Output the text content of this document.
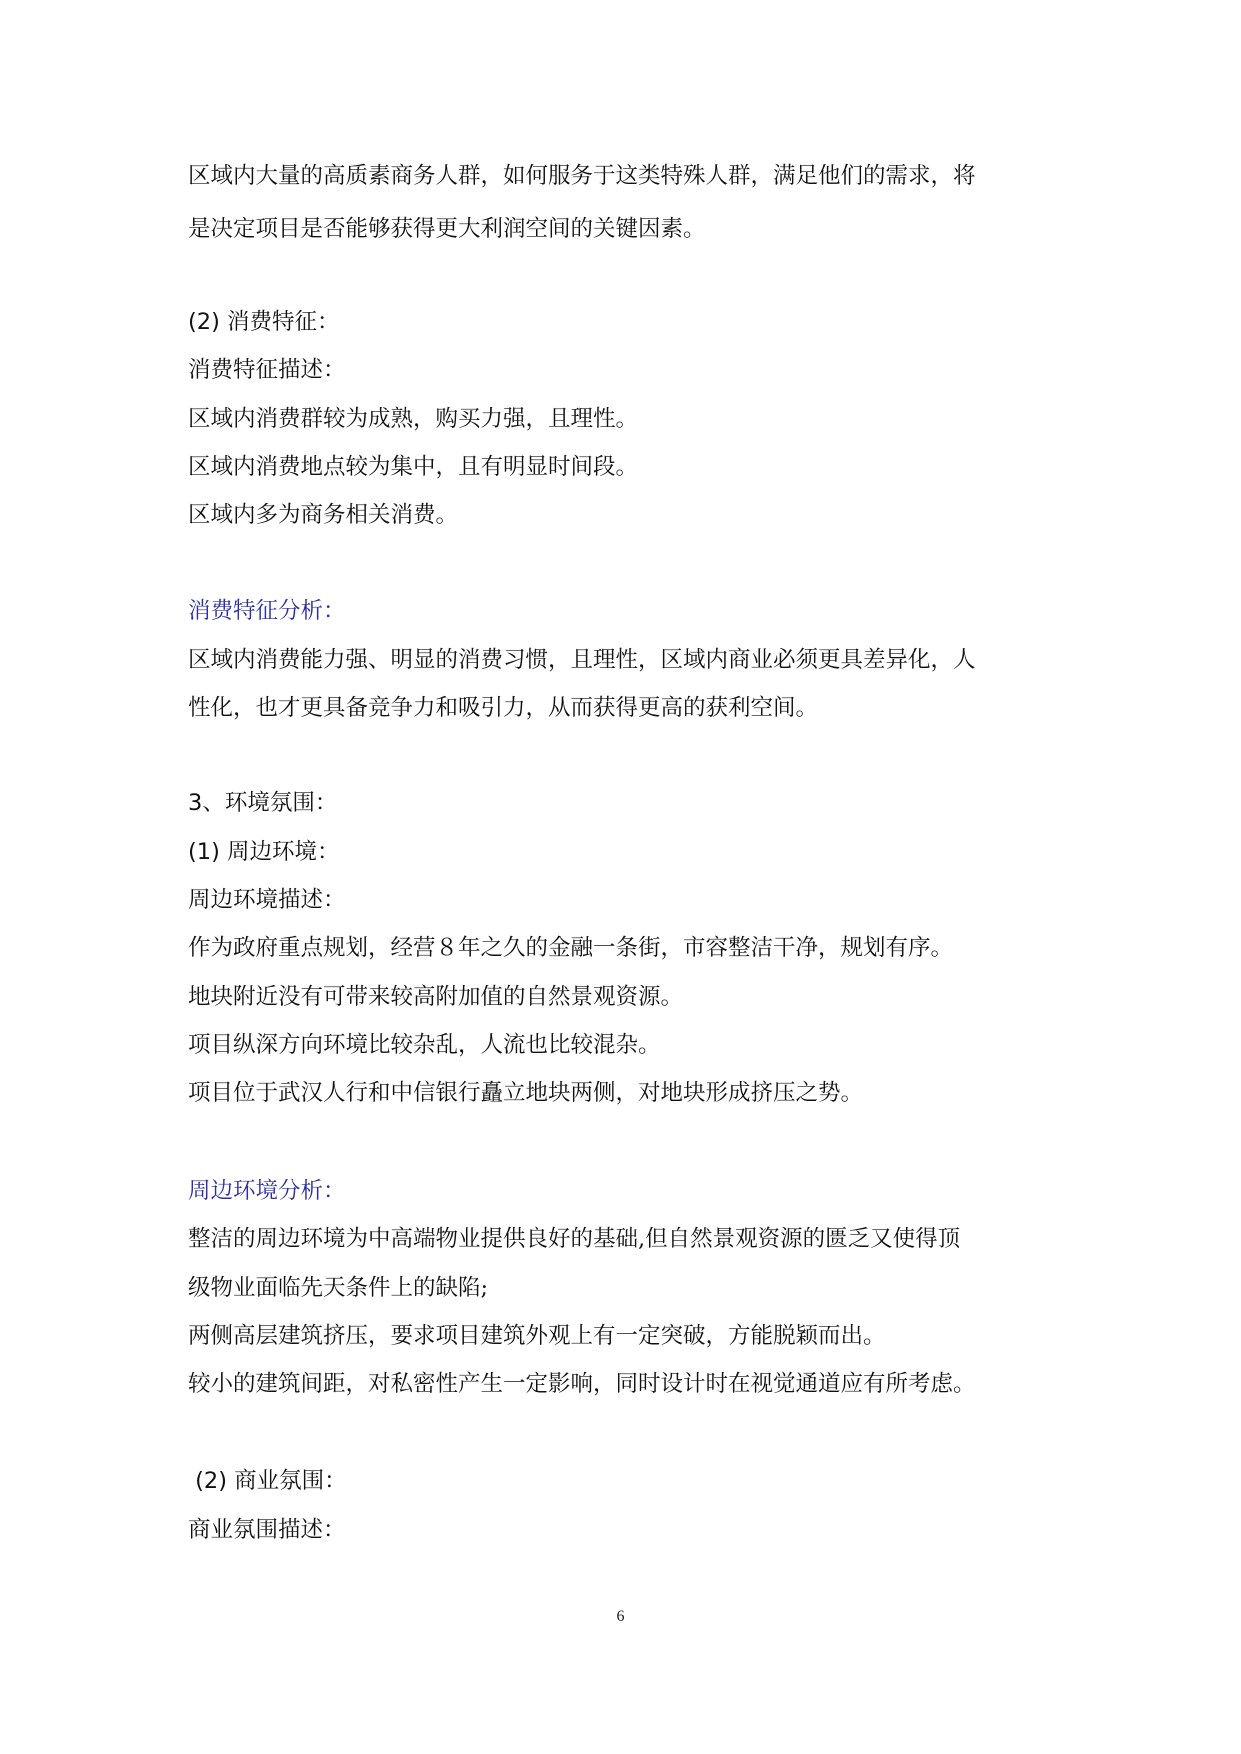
区域内大量的高质素商务人群，如何服务于这类特殊人群，满足他们的需求，将

是决定项目是否能够获得更大利润空间的关键因素。

(2) 消费特征：

消费特征描述：

区域内消费群较为成熟，购买力强，且理性。

区域内消费地点较为集中，且有明显时间段。

区域内多为商务相关消费。

消费特征分析：

区域内消费能力强、明显的消费习惯，且理性，区域内商业必须更具差异化，人

性化，也才更具备竞争力和吸引力，从而获得更高的获利空间。

3、环境氛围：

(1) 周边环境：

周边环境描述：

作为政府重点规划，经营８年之久的金融一条街，市容整洁干净，规划有序。

地块附近没有可带来较高附加值的自然景观资源。

项目纵深方向环境比较杂乱，人流也比较混杂。

项目位于武汉人行和中信银行矗立地块两侧，对地块形成挤压之势。

周边环境分析：

整洁的周边环境为中高端物业提供良好的基础,但自然景观资源的匮乏又使得顶

级物业面临先天条件上的缺陷;

两侧高层建筑挤压，要求项目建筑外观上有一定突破，方能脱颖而出。

较小的建筑间距，对私密性产生一定影响，同时设计时在视觉通道应有所考虑。

(2) 商业氛围：

商业氛围描述：

6
